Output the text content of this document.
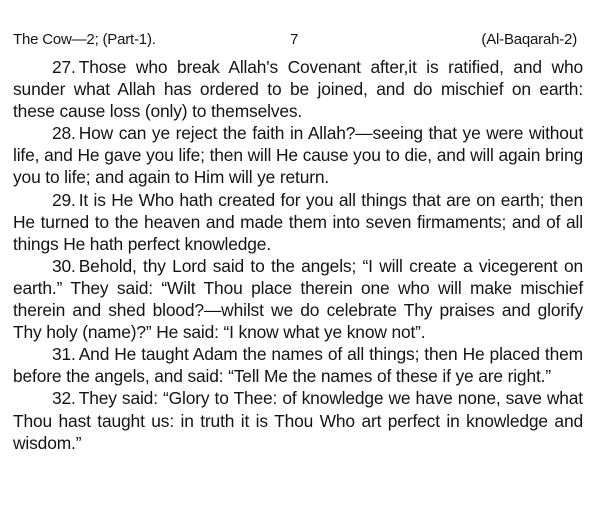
The Cow—2; (Part-1).	7	(Al-Baqarah-2)

27. Those who break Allah's Covenant after,it is ratified, and who sunder what Allah has ordered to be joined, and do mischief on earth: these cause loss (only) to themselves.

28. How can ye reject the faith in Allah?—seeing that ye were without life, and He gave you life; then will He cause you to die, and will again bring you to life; and again to Him will ye return.

29. It is He Who hath created for you all things that are on earth; then He turned to the heaven and made them into seven firmaments; and of all things He hath perfect knowledge.

30. Behold, thy Lord said to the angels; “I will create a vicegerent on earth.” They said: “Wilt Thou place therein one who will make mischief therein and shed blood?—whilst we do celebrate Thy praises and glorify Thy holy (name)?” He said: “I know what ye know not”.

31. And He taught Adam the names of all things; then He placed them before the angels, and said: “Tell Me the names of these if ye are right.”

32. They said: “Glory to Thee: of knowledge we have none, save what Thou hast taught us: in truth it is Thou Who art perfect in knowledge and wisdom.”
